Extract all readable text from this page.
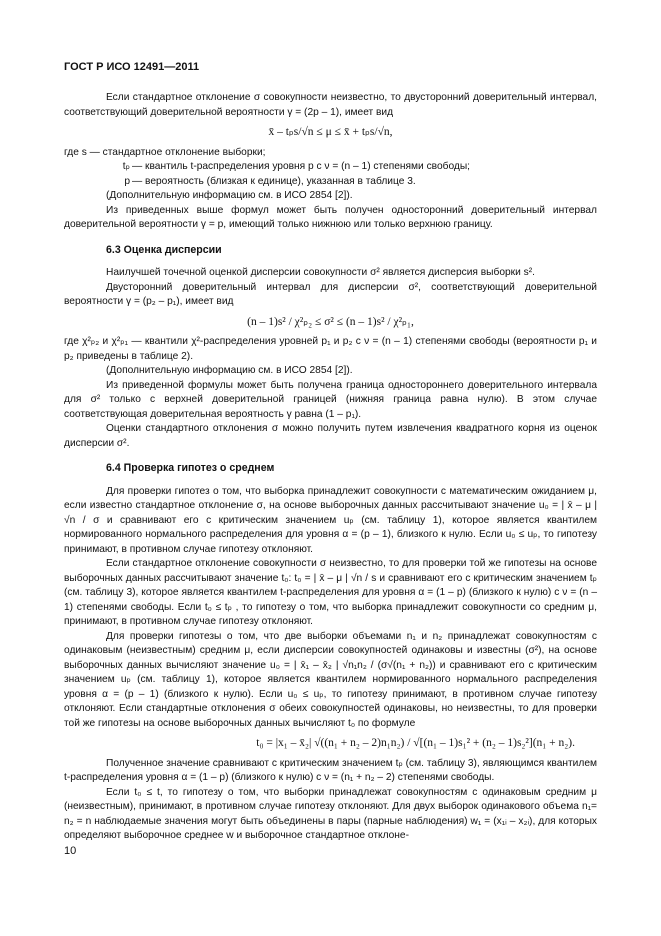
ГОСТ Р ИСО 12491—2011

Если стандартное отклонение σ совокупности неизвестно, то двусторонний доверительный интервал, соответствующий доверительной вероятности γ = (2p – 1), имеет вид

x̄ – tₚs/√n ≤ μ ≤ x̄ + tₚs/√n,

где s — стандартное отклонение выборки;

tₚ — квантиль t-распределения уровня p с ν = (n – 1) степенями свободы;
p — вероятность (близкая к единице), указанная в таблице 3.

(Дополнительную информацию см. в ИСО 2854 [2]).

Из приведенных выше формул может быть получен односторонний доверительный интервал доверительной вероятности γ = p, имеющий только нижнюю или только верхнюю границу.

6.3 Оценка дисперсии

Наилучшей точечной оценкой дисперсии совокупности σ² является дисперсия выборки s².

Двусторонний доверительный интервал для дисперсии σ², соответствующий доверительной вероятности γ = (p₂ – p₁), имеет вид

(n – 1)s² / χ²ₚ₂ ≤ σ² ≤ (n – 1)s² / χ²ₚ₁,

где χ²ₚ₂ и χ²ₚ₁ — квантили χ²-распределения уровней p₁ и p₂ с ν = (n – 1) степенями свободы (вероятности p₁ и p₂ приведены в таблице 2).

(Дополнительную информацию см. в ИСО 2854 [2]).

Из приведенной формулы может быть получена граница одностороннего доверительного интервала для σ² только с верхней доверительной границей (нижняя граница равна нулю). В этом случае соответствующая доверительная вероятность γ равна (1 – p₁).

Оценки стандартного отклонения σ можно получить путем извлечения квадратного корня из оценок дисперсии σ².

6.4 Проверка гипотез о среднем

Для проверки гипотез о том, что выборка принадлежит совокупности с математическим ожиданием μ, если известно стандартное отклонение σ, на основе выборочных данных рассчитывают значение u₀ = | x̄ – μ | √n / σ и сравнивают его с критическим значением uₚ (см. таблицу 1), которое является квантилем нормированного нормального распределения для уровня α = (p – 1), близкого к нулю. Если u₀ ≤ uₚ, то гипотезу принимают, в противном случае гипотезу отклоняют.

Если стандартное отклонение совокупности σ неизвестно, то для проверки той же гипотезы на основе выборочных данных рассчитывают значение t₀: t₀ = | x̄ – μ | √n / s и сравнивают его с критическим значением tₚ (см. таблицу 3), которое является квантилем t-распределения для уровня α = (1 – p) (близкого к нулю) с ν = (n – 1) степенями свободы. Если t₀ ≤ tₚ , то гипотезу о том, что выборка принадлежит совокупности со средним μ, принимают, в противном случае гипотезу отклоняют.

Для проверки гипотезы о том, что две выборки объемами n₁ и n₂ принадлежат совокупностям с одинаковым (неизвестным) средним μ, если дисперсии совокупностей одинаковы и известны (σ²), на основе выборочных данных вычисляют значение u₀ = | x̄₁ – x̄₂ | √n₁n₂ / (σ√(n₁ + n₂)) и сравнивают его с критическим значением uₚ (см. таблицу 1), которое является квантилем нормированного нормального распределения уровня α = (p – 1) (близкого к нулю). Если u₀ ≤ uₚ, то гипотезу принимают, в противном случае гипотезу отклоняют. Если стандартные отклонения σ обеих совокупностей одинаковы, но неизвестны, то для проверки той же гипотезы на основе выборочных данных вычисляют t₀ по формуле

t₀ = |x₁ – x̄₂| √((n₁ + n₂ – 2)n₁n₂) / √[(n₁ – 1)s₁² + (n₂ – 1)s₂²](n₁ + n₂).

Полученное значение сравнивают с критическим значением tₚ (см. таблицу 3), являющимся квантилем t-распределения уровня α = (1 – p) (близкого к нулю) с ν = (n₁ + n₂ – 2) степенями свободы.

Если t₀ ≤ t, то гипотезу о том, что выборки принадлежат совокупностям с одинаковым средним μ (неизвестным), принимают, в противном случае гипотезу отклоняют. Для двух выборок одинакового объема n₁= n₂ = n наблюдаемые значения могут быть объединены в пары (парные наблюдения) w₁ = (x₁ᵢ – x₂ᵢ), для которых определяют выборочное среднее w и выборочное стандартное отклоне-

10
